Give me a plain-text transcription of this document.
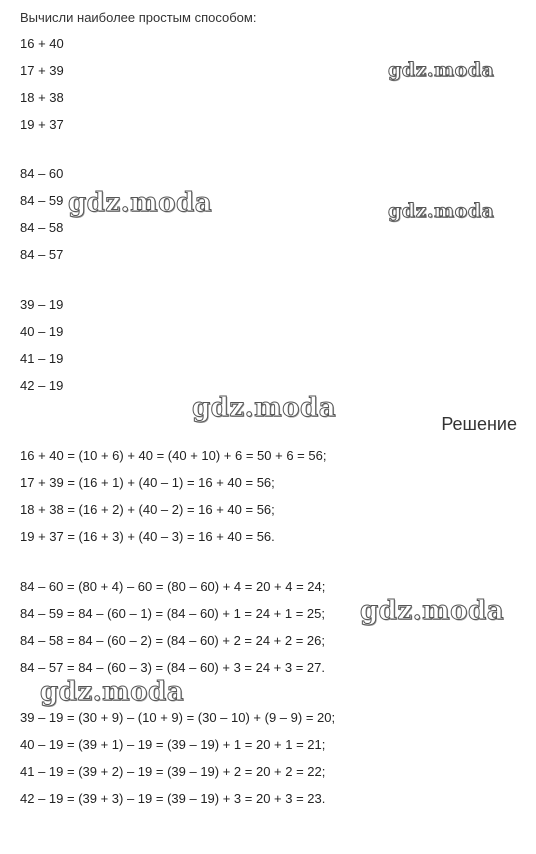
Вычисли наиболее простым способом:
16 + 40
17 + 39
18 + 38
19 + 37
84 – 60
84 – 59
84 – 58
84 – 57
39 – 19
40 – 19
41 – 19
42 – 19
Решение
16 + 40 = (10 + 6) + 40 = (40 + 10) + 6 = 50 + 6 = 56;
17 + 39 = (16 + 1) + (40 – 1) = 16 + 40 = 56;
18 + 38 = (16 + 2) + (40 – 2) = 16 + 40 = 56;
19 + 37 = (16 + 3) + (40 – 3) = 16 + 40 = 56.
84 – 60 = (80 + 4) – 60 = (80 – 60) + 4 = 20 + 4 = 24;
84 – 59 = 84 – (60 – 1) = (84 – 60) + 1 = 24 + 1 = 25;
84 – 58 = 84 – (60 – 2) = (84 – 60) + 2 = 24 + 2 = 26;
84 – 57 = 84 – (60 – 3) = (84 – 60) + 3 = 24 + 3 = 27.
39 – 19 = (30 + 9) – (10 + 9) = (30 – 10) + (9 – 9) = 20;
40 – 19 = (39 + 1) – 19 = (39 – 19) + 1 = 20 + 1 = 21;
41 – 19 = (39 + 2) – 19 = (39 – 19) + 2 = 20 + 2 = 22;
42 – 19 = (39 + 3) – 19 = (39 – 19) + 3 = 20 + 3 = 23.
gdz.moda
gdz.moda	gdz.moda
gdz.moda
gdz.moda
gdz.moda
